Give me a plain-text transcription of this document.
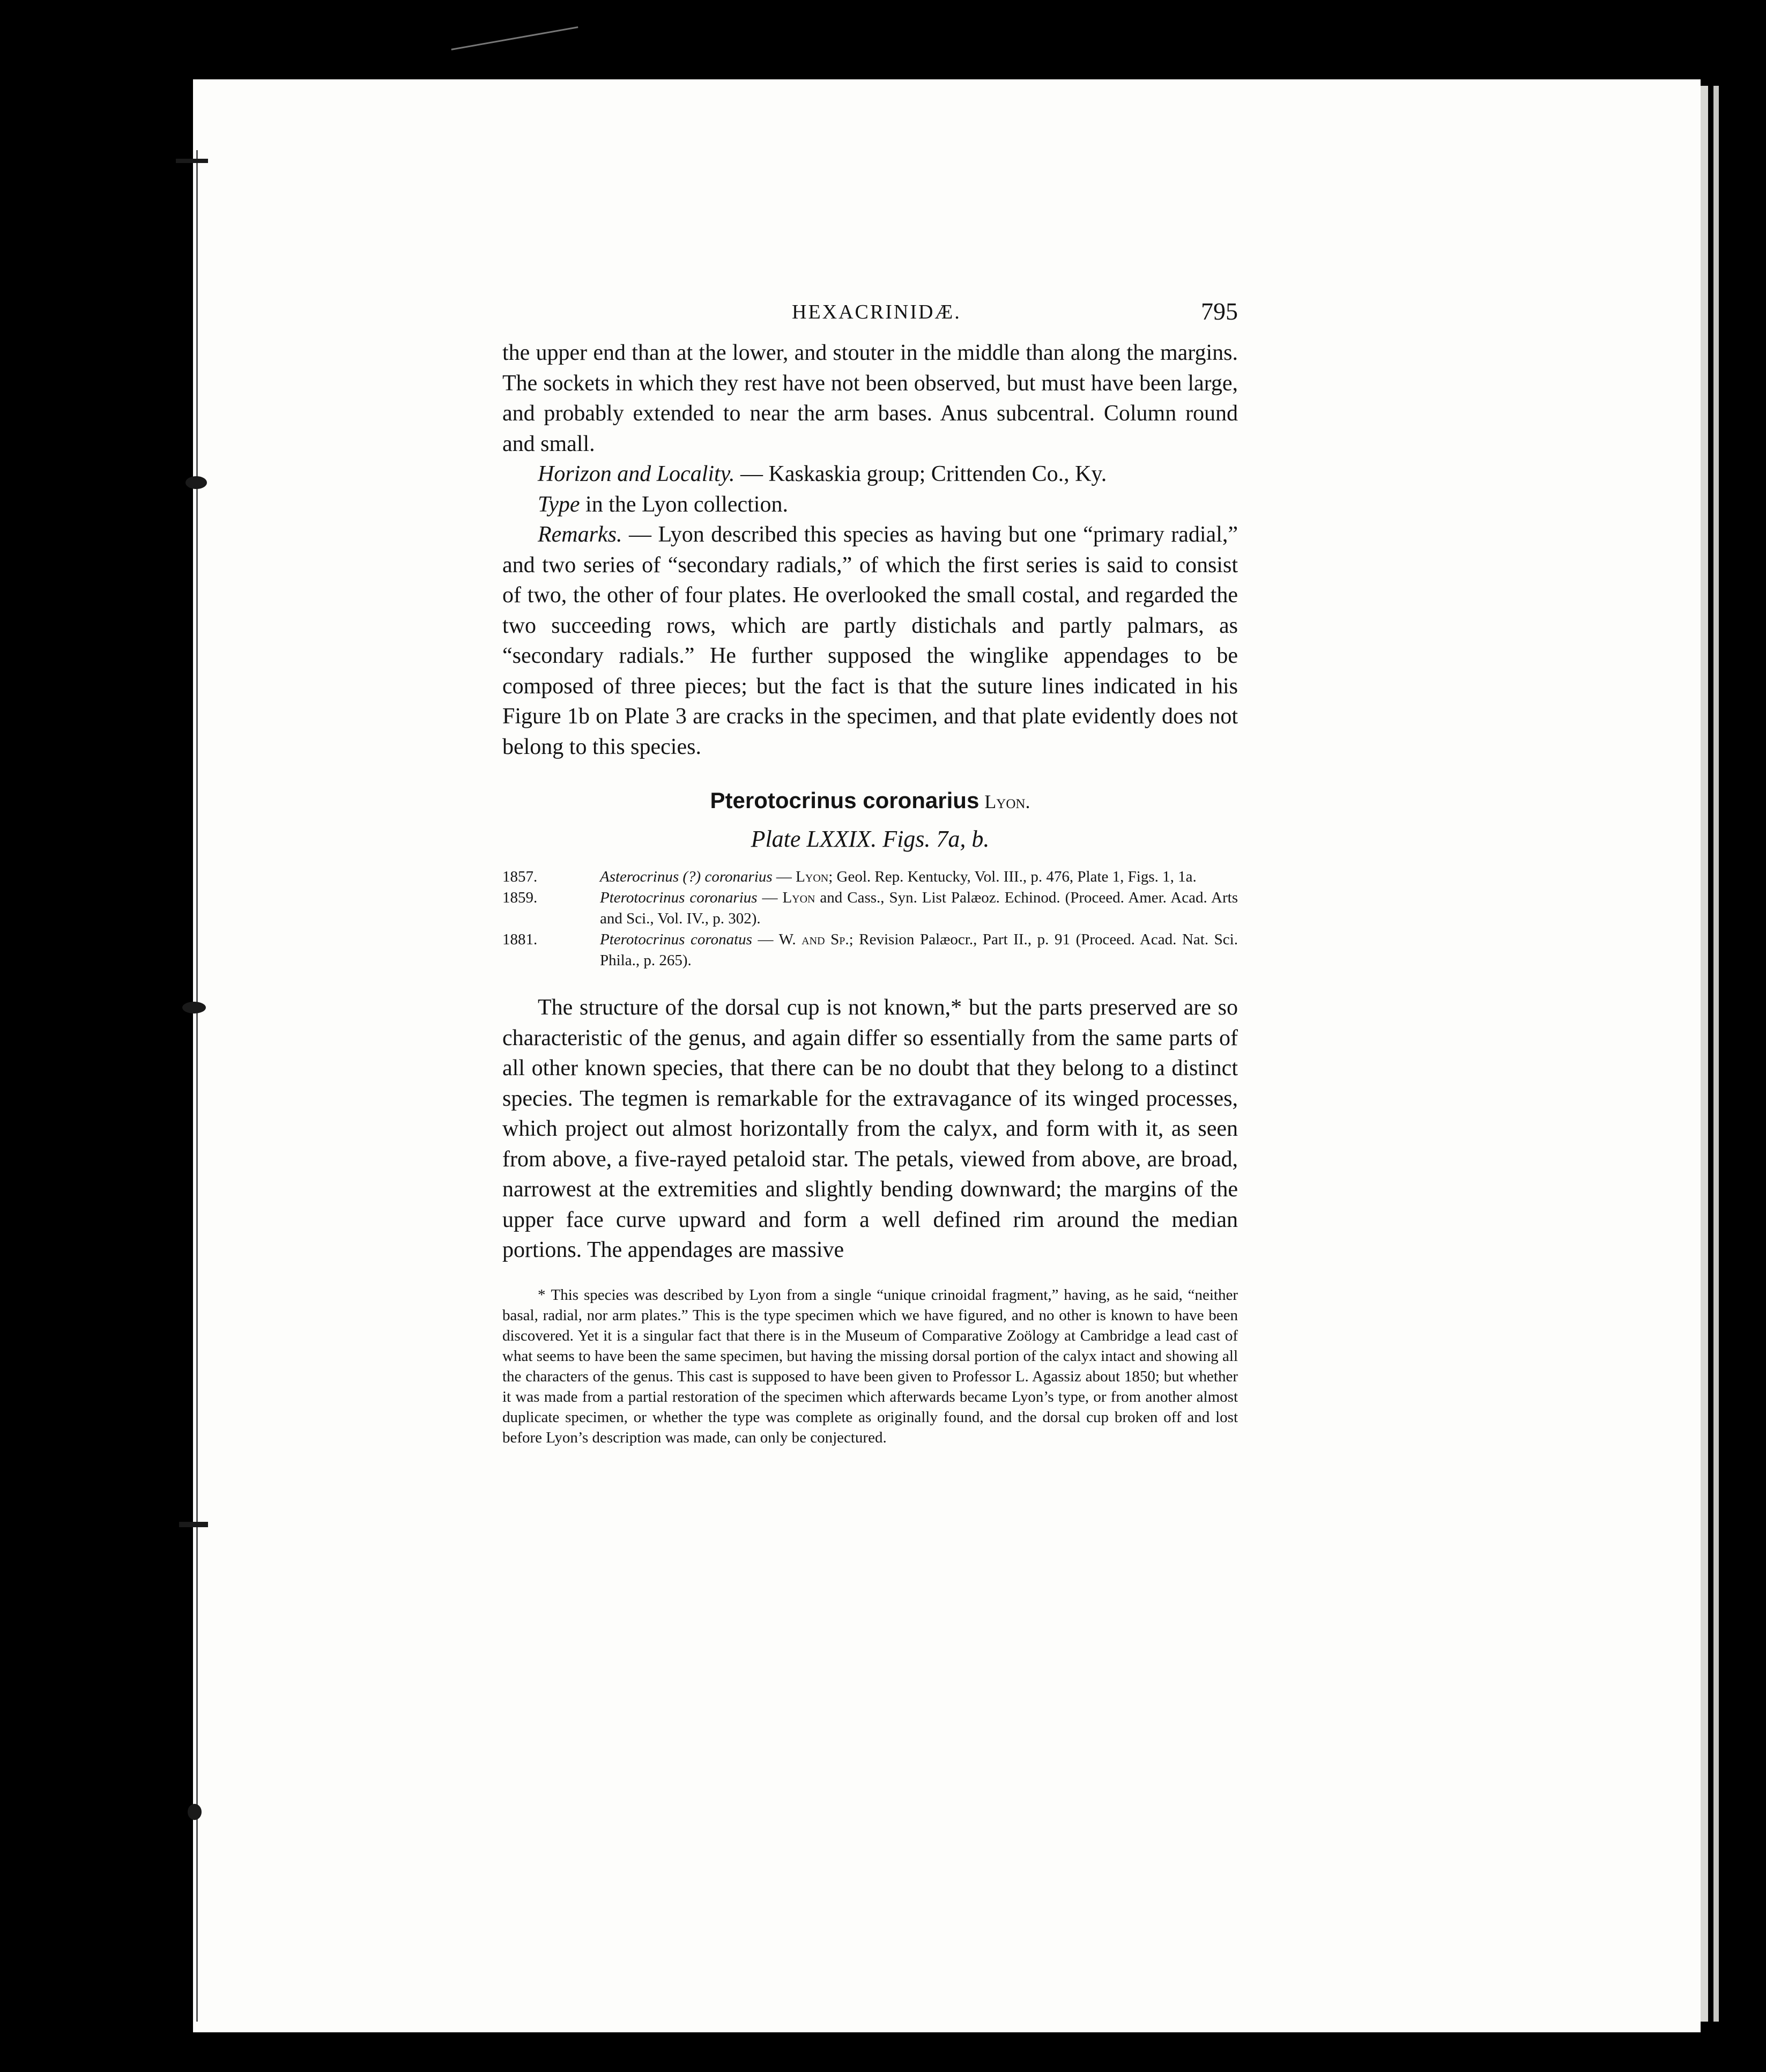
HEXACRINIDÆ.	795

the upper end than at the lower, and stouter in the middle than along the margins. The sockets in which they rest have not been observed, but must have been large, and probably extended to near the arm bases. Anus subcentral. Column round and small.

Horizon and Locality. — Kaskaskia group; Crittenden Co., Ky.

Type in the Lyon collection.

Remarks. — Lyon described this species as having but one “primary radial,” and two series of “secondary radials,” of which the first series is said to consist of two, the other of four plates. He overlooked the small costal, and regarded the two succeeding rows, which are partly distichals and partly palmars, as “secondary radials.” He further supposed the winglike appendages to be composed of three pieces; but the fact is that the suture lines indicated in his Figure 1b on Plate 3 are cracks in the specimen, and that plate evidently does not belong to this species.

Pterotocrinus coronarius Lyon.
Plate LXXIX. Figs. 7a, b.

1857.	Asterocrinus (?) coronarius — Lyon; Geol. Rep. Kentucky, Vol. III., p. 476, Plate 1, Figs. 1, 1a.

1859.	Pterotocrinus coronarius — Lyon and Cass., Syn. List Palæoz. Echinod. (Proceed. Amer. Acad. Arts and Sci., Vol. IV., p. 302).

1881.	Pterotocrinus coronatus — W. and Sp.; Revision Palæocr., Part II., p. 91 (Proceed. Acad. Nat. Sci. Phila., p. 265).

The structure of the dorsal cup is not known,* but the parts preserved are so characteristic of the genus, and again differ so essentially from the same parts of all other known species, that there can be no doubt that they belong to a distinct species. The tegmen is remarkable for the extravagance of its winged processes, which project out almost horizontally from the calyx, and form with it, as seen from above, a five-rayed petaloid star. The petals, viewed from above, are broad, narrowest at the extremities and slightly bending downward; the margins of the upper face curve upward and form a well defined rim around the median portions. The appendages are massive

* This species was described by Lyon from a single “unique crinoidal fragment,” having, as he said, “neither basal, radial, nor arm plates.” This is the type specimen which we have figured, and no other is known to have been discovered. Yet it is a singular fact that there is in the Museum of Comparative Zoölogy at Cambridge a lead cast of what seems to have been the same specimen, but having the missing dorsal portion of the calyx intact and showing all the characters of the genus. This cast is supposed to have been given to Professor L. Agassiz about 1850; but whether it was made from a partial restoration of the specimen which afterwards became Lyon’s type, or from another almost duplicate specimen, or whether the type was complete as originally found, and the dorsal cup broken off and lost before Lyon’s description was made, can only be conjectured.
